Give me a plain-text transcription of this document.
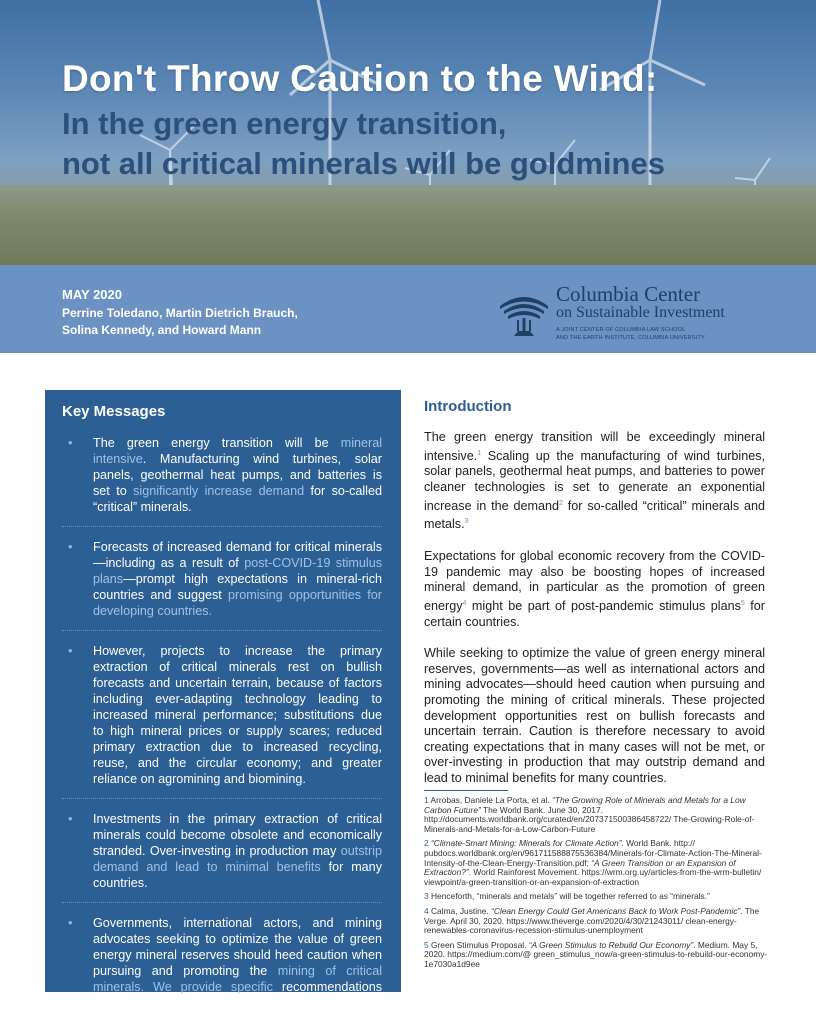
Don't Throw Caution to the Wind:
In the green energy transition,
not all critical minerals will be goldmines
MAY 2020
Perrine Toledano, Martin Dietrich Brauch,
Solina Kennedy, and Howard Mann
Columbia Center
on Sustainable Investment
A JOINT CENTER OF COLUMBIA LAW SCHOOL
AND THE EARTH INSTITUTE, COLUMBIA UNIVERSITY
Key Messages
• The green energy transition will be mineral intensive. Manufacturing wind turbines, solar panels, geothermal heat pumps, and batteries is set to significantly increase demand for so-called “critical” minerals.
• Forecasts of increased demand for critical minerals—including as a result of post-COVID-19 stimulus plans—prompt high expectations in mineral-rich countries and suggest promising opportunities for developing countries.
• However, projects to increase the primary extraction of critical minerals rest on bullish forecasts and uncertain terrain, because of factors including ever-adapting technology leading to increased mineral performance; substitutions due to high mineral prices or supply scares; reduced primary extraction due to increased recycling, reuse, and the circular economy; and greater reliance on agromining and biomining.
• Investments in the primary extraction of critical minerals could become obsolete and economically stranded. Over-investing in production may outstrip demand and lead to minimal benefits for many countries.
• Governments, international actors, and mining advocates seeking to optimize the value of green energy mineral reserves should heed caution when pursuing and promoting the mining of critical minerals. We provide specific recommendations starting on page 7.
Introduction

The green energy transition will be exceedingly mineral intensive.$^1$ Scaling up the manufacturing of wind turbines, solar panels, geothermal heat pumps, and batteries to power cleaner technologies is set to generate an exponential increase in the demand$^2$ for so-called “critical” minerals and metals.$^3$

Expectations for global economic recovery from the COVID-19 pandemic may also be boosting hopes of increased mineral demand, in particular as the promotion of green energy$^4$ might be part of post-pandemic stimulus plans$^5$ for certain countries.

While seeking to optimize the value of green energy mineral reserves, governments—as well as international actors and mining advocates—should heed caution when pursuing and promoting the mining of critical minerals. These projected development opportunities rest on bullish forecasts and uncertain terrain. Caution is therefore necessary to avoid creating expectations that in many cases will not be met, or over-investing in production that may outstrip demand and lead to minimal benefits for many countries.

1 Arrobas, Daniele La Porta, et al. “The Growing Role of Minerals and Metals for a Low Carbon Future” The World Bank. June 30, 2017. http://documents.worldbank.org/curated/en/207371500386458722/ The-Growing-Role-of-Minerals-and-Metals-for-a-Low-Carbon-Future
2 “Climate-Smart Mining: Minerals for Climate Action”. World Bank. http:// pubdocs.worldbank.org/en/961711588875536384/Minerals-for-Climate-Action-The-Mineral-Intensity-of-the-Clean-Energy-Transition.pdf; “A Green Transition or an Expansion of Extraction?”. World Rainforest Movement. https://wrm.org.uy/articles-from-the-wrm-bulletin/ viewpoint/a-green-transition-or-an-expansion-of-extraction
3 Henceforth, “minerals and metals” will be together referred to as “minerals.”
4 Calma, Justine. “Clean Energy Could Get Americans Back to Work Post-Pandemic”. The Verge. April 30, 2020. https://www.theverge.com/2020/4/30/21243011/ clean-energy-renewables-coronavirus-recession-stimulus-unemployment
5 Green Stimulus Proposal. “A Green Stimulus to Rebuild Our Economy”. Medium. May 5, 2020. https://medium.com/@ green_stimulus_now/a-green-stimulus-to-rebuild-our-economy-1e7030a1d9ee
